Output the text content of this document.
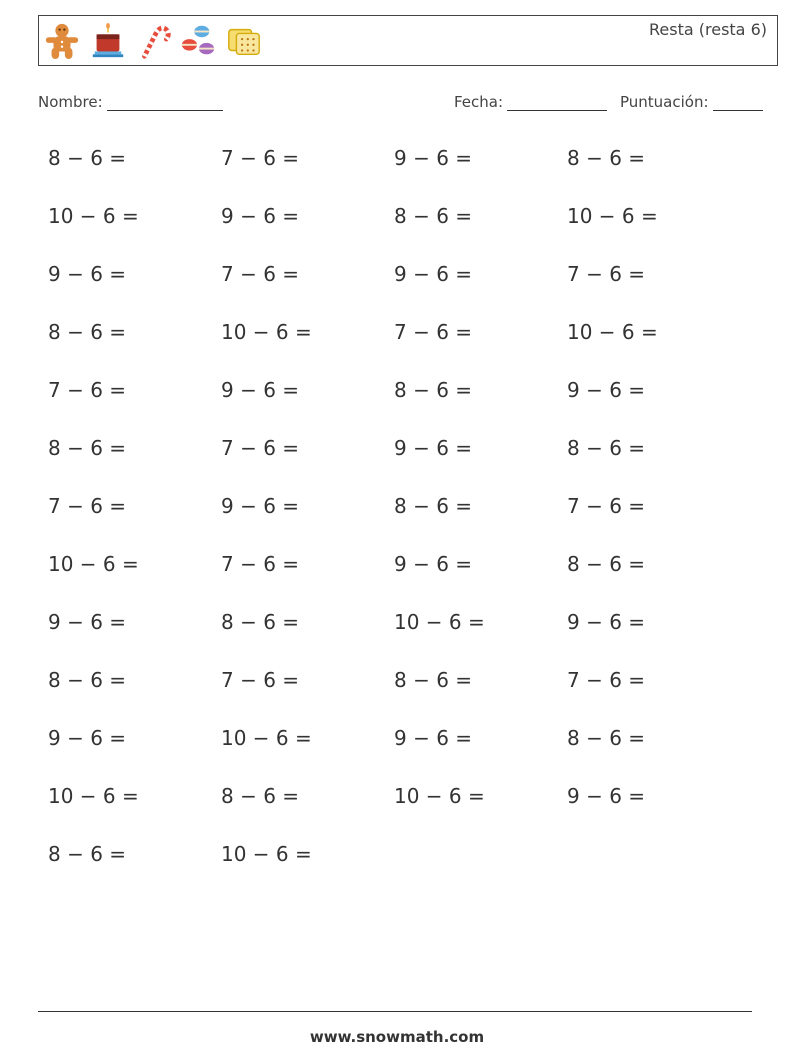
Resta (resta 6)
Nombre:	Fecha:	Puntuación:
8 − 6 =	7 − 6 =	9 − 6 =	8 − 6 =
10 − 6 =	9 − 6 =	8 − 6 =	10 − 6 =
9 − 6 =	7 − 6 =	9 − 6 =	7 − 6 =
8 − 6 =	10 − 6 =	7 − 6 =	10 − 6 =
7 − 6 =	9 − 6 =	8 − 6 =	9 − 6 =
8 − 6 =	7 − 6 =	9 − 6 =	8 − 6 =
7 − 6 =	9 − 6 =	8 − 6 =	7 − 6 =
10 − 6 =	7 − 6 =	9 − 6 =	8 − 6 =
9 − 6 =	8 − 6 =	10 − 6 =	9 − 6 =
8 − 6 =	7 − 6 =	8 − 6 =	7 − 6 =
9 − 6 =	10 − 6 =	9 − 6 =	8 − 6 =
10 − 6 =	8 − 6 =	10 − 6 =	9 − 6 =
8 − 6 =	10 − 6 =
www.snowmath.com
